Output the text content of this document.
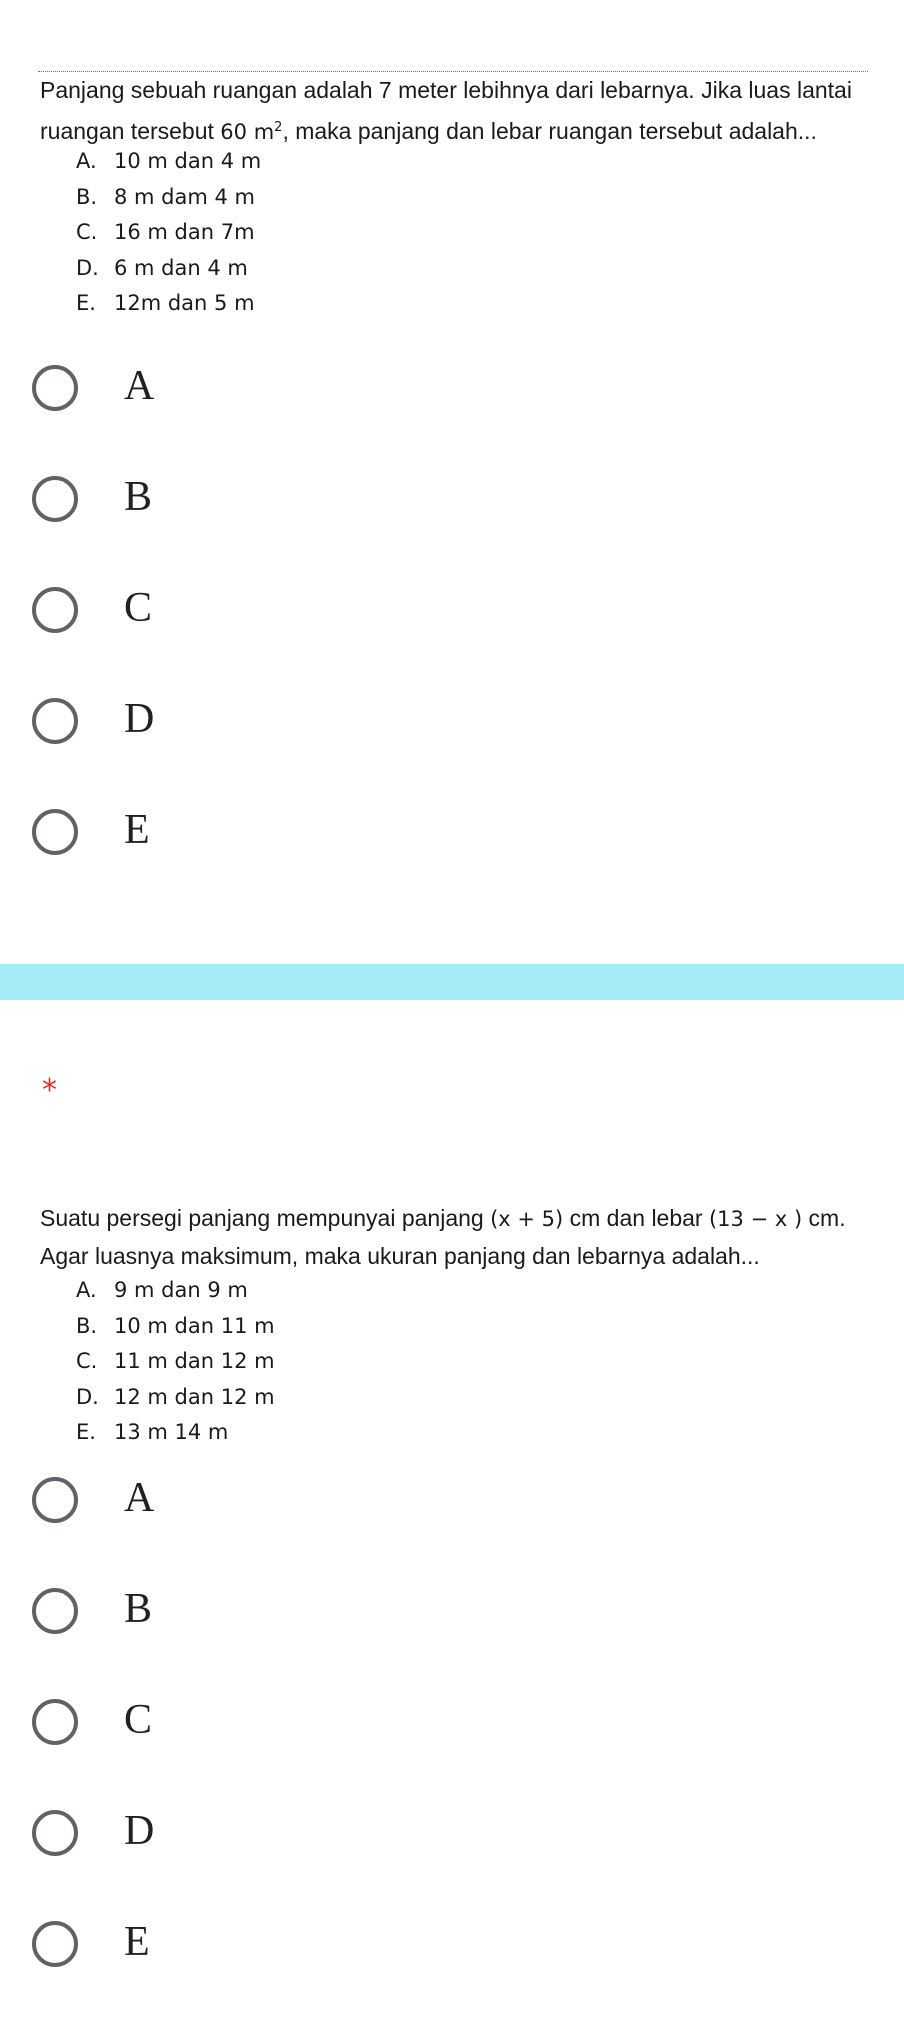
Panjang sebuah ruangan adalah 7 meter lebihnya dari lebarnya. Jika luas lantai ruangan tersebut 60 $m^2$, maka panjang dan lebar ruangan tersebut adalah...
A. 10 m dan 4 m
B. 8 m dam 4 m
C. 16 m dan 7m
D. 6 m dan 4 m
E. 12m dan 5 m
A
B
C
D
E
*
Suatu persegi panjang mempunyai panjang (x + 5) cm dan lebar (13 − x ) cm. Agar luasnya maksimum, maka ukuran panjang dan lebarnya adalah...
A. 9 m dan 9 m
B. 10 m dan 11 m
C. 11 m dan 12 m
D. 12 m dan 12 m
E. 13 m 14 m
A
B
C
D
E
